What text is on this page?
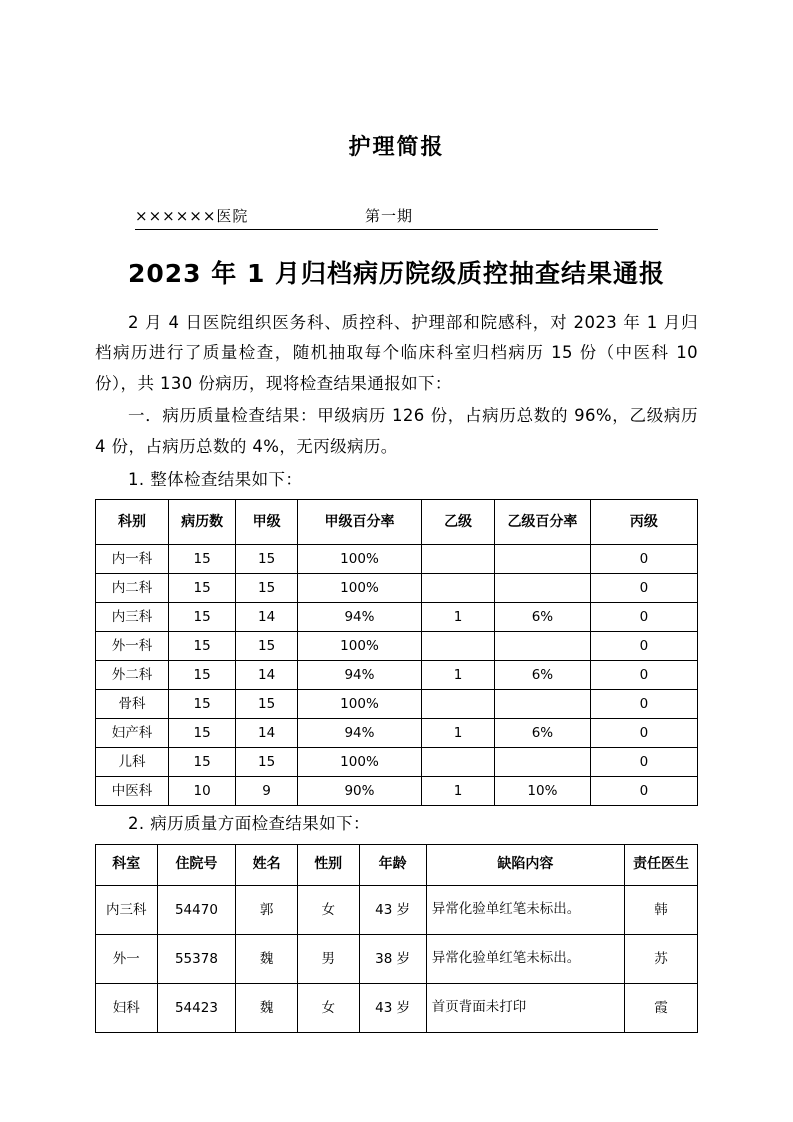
护理简报
××××××医院	第一期
2023 年 1 月归档病历院级质控抽查结果通报

2 月 4 日医院组织医务科、质控科、护理部和院感科，对 2023 年 1 月归档病历进行了质量检查，随机抽取每个临床科室归档病历 15 份（中医科 10 份），共 130 份病历，现将检查结果通报如下：

一．病历质量检查结果：甲级病历 126 份，占病历总数的 96%，乙级病历 4 份，占病历总数的 4%，无丙级病历。

1. 整体检查结果如下：
科别	病历数	甲级	甲级百分率	乙级	乙级百分率	丙级
内一科	15	15	100%			0
内二科	15	15	100%			0
内三科	15	14	94%	1	6%	0
外一科	15	15	100%			0
外二科	15	14	94%	1	6%	0
骨科	15	15	100%			0
妇产科	15	14	94%	1	6%	0
儿科	15	15	100%			0
中医科	10	9	90%	1	10%	0
2. 病历质量方面检查结果如下：
科室	住院号	姓名	性别	年龄	缺陷内容	责任医生
内三科	54470	郭	女	43 岁	异常化验单红笔未标出。	韩
外一	55378	魏	男	38 岁	异常化验单红笔未标出。	苏
妇科	54423	魏	女	43 岁	首页背面未打印	霞
